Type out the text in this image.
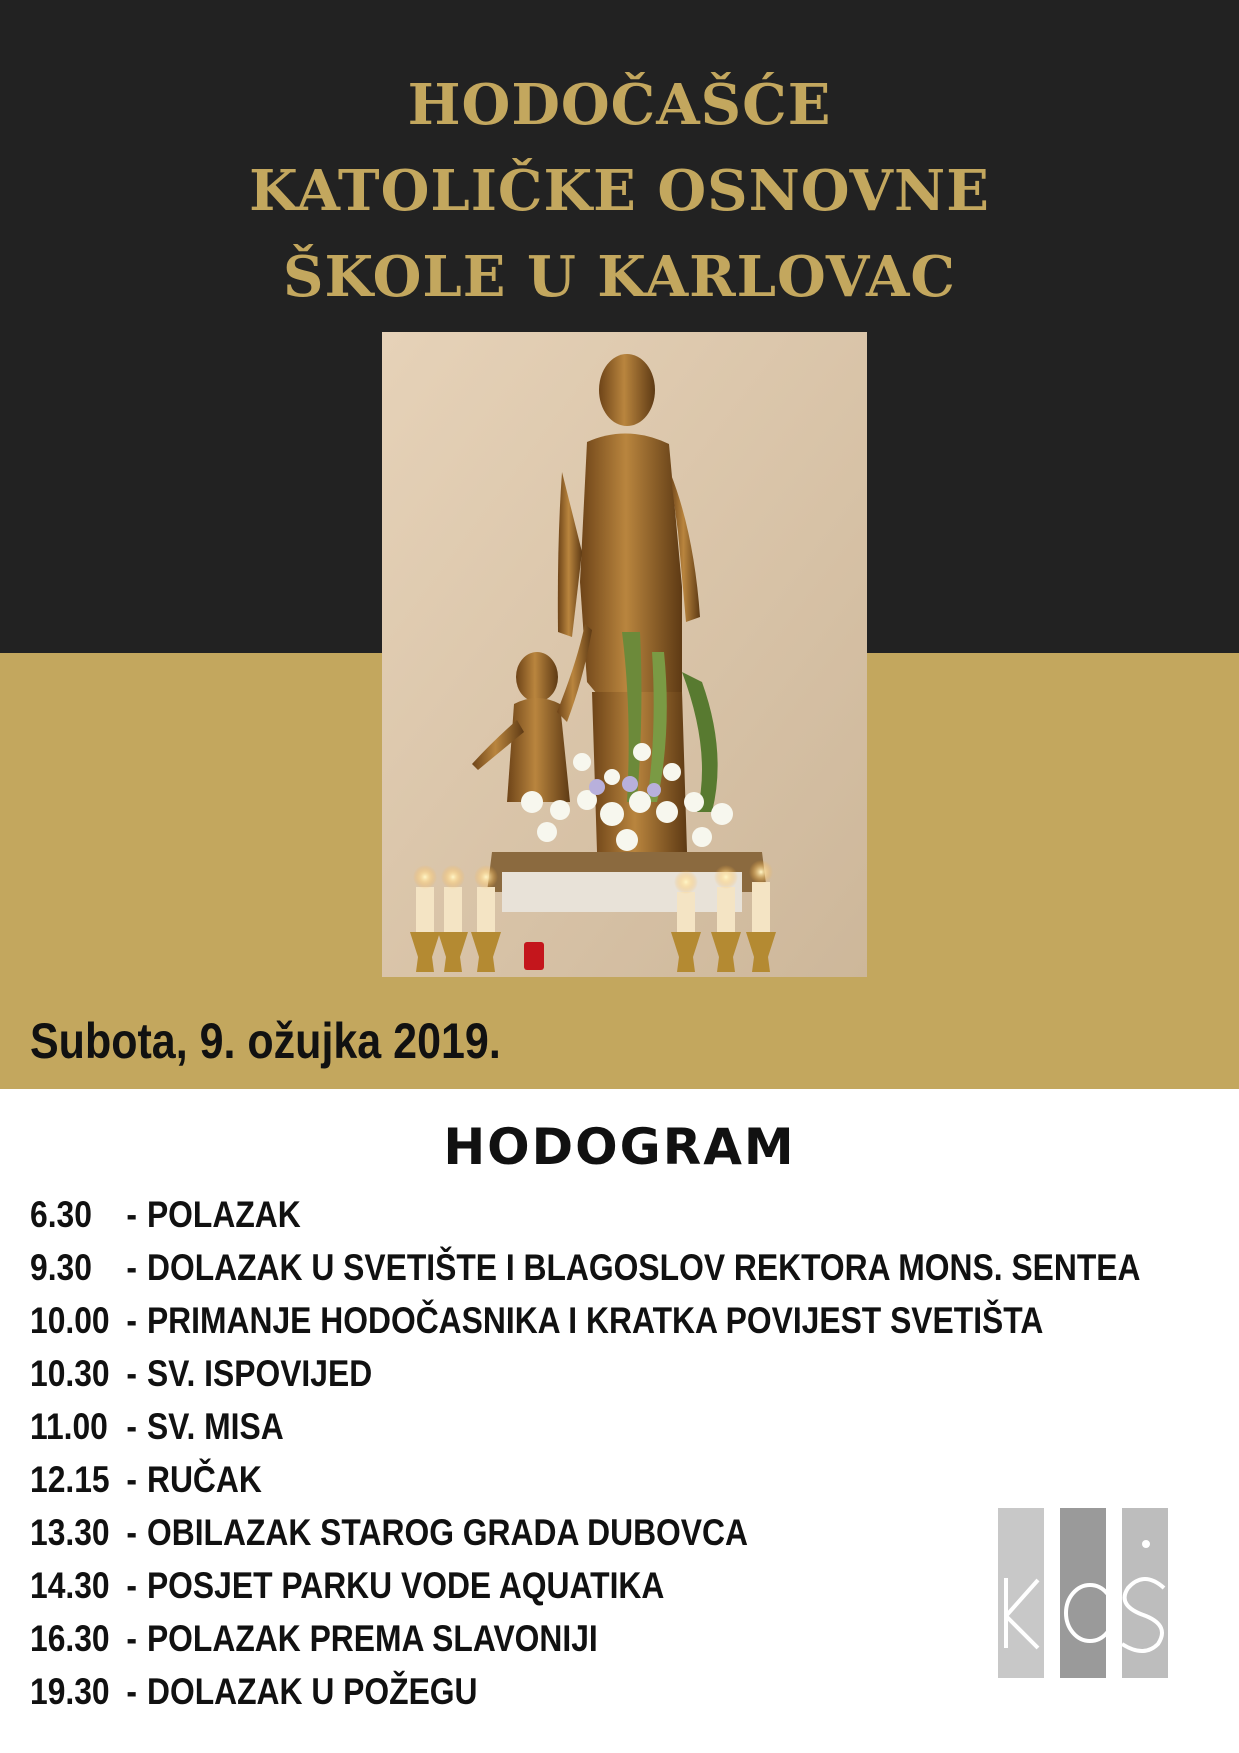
HODOČAŠĆE
KATOLIČKE OSNOVNE
ŠKOLE U KARLOVAC
Subota, 9. ožujka 2019.
HODOGRAM
6.30 - POLAZAK
9.30 - DOLAZAK U SVETIŠTE I BLAGOSLOV REKTORA MONS. SENTEA
10.00 - PRIMANJE HODOČASNIKA I KRATKA POVIJEST SVETIŠTA
10.30 - SV. ISPOVIJED
11.00 - SV. MISA
12.15 - RUČAK
13.30 - OBILAZAK STAROG GRADA DUBOVCA
14.30 - POSJET PARKU VODE AQUATIKA
16.30 - POLAZAK PREMA SLAVONIJI
19.30 - DOLAZAK U POŽEGU
